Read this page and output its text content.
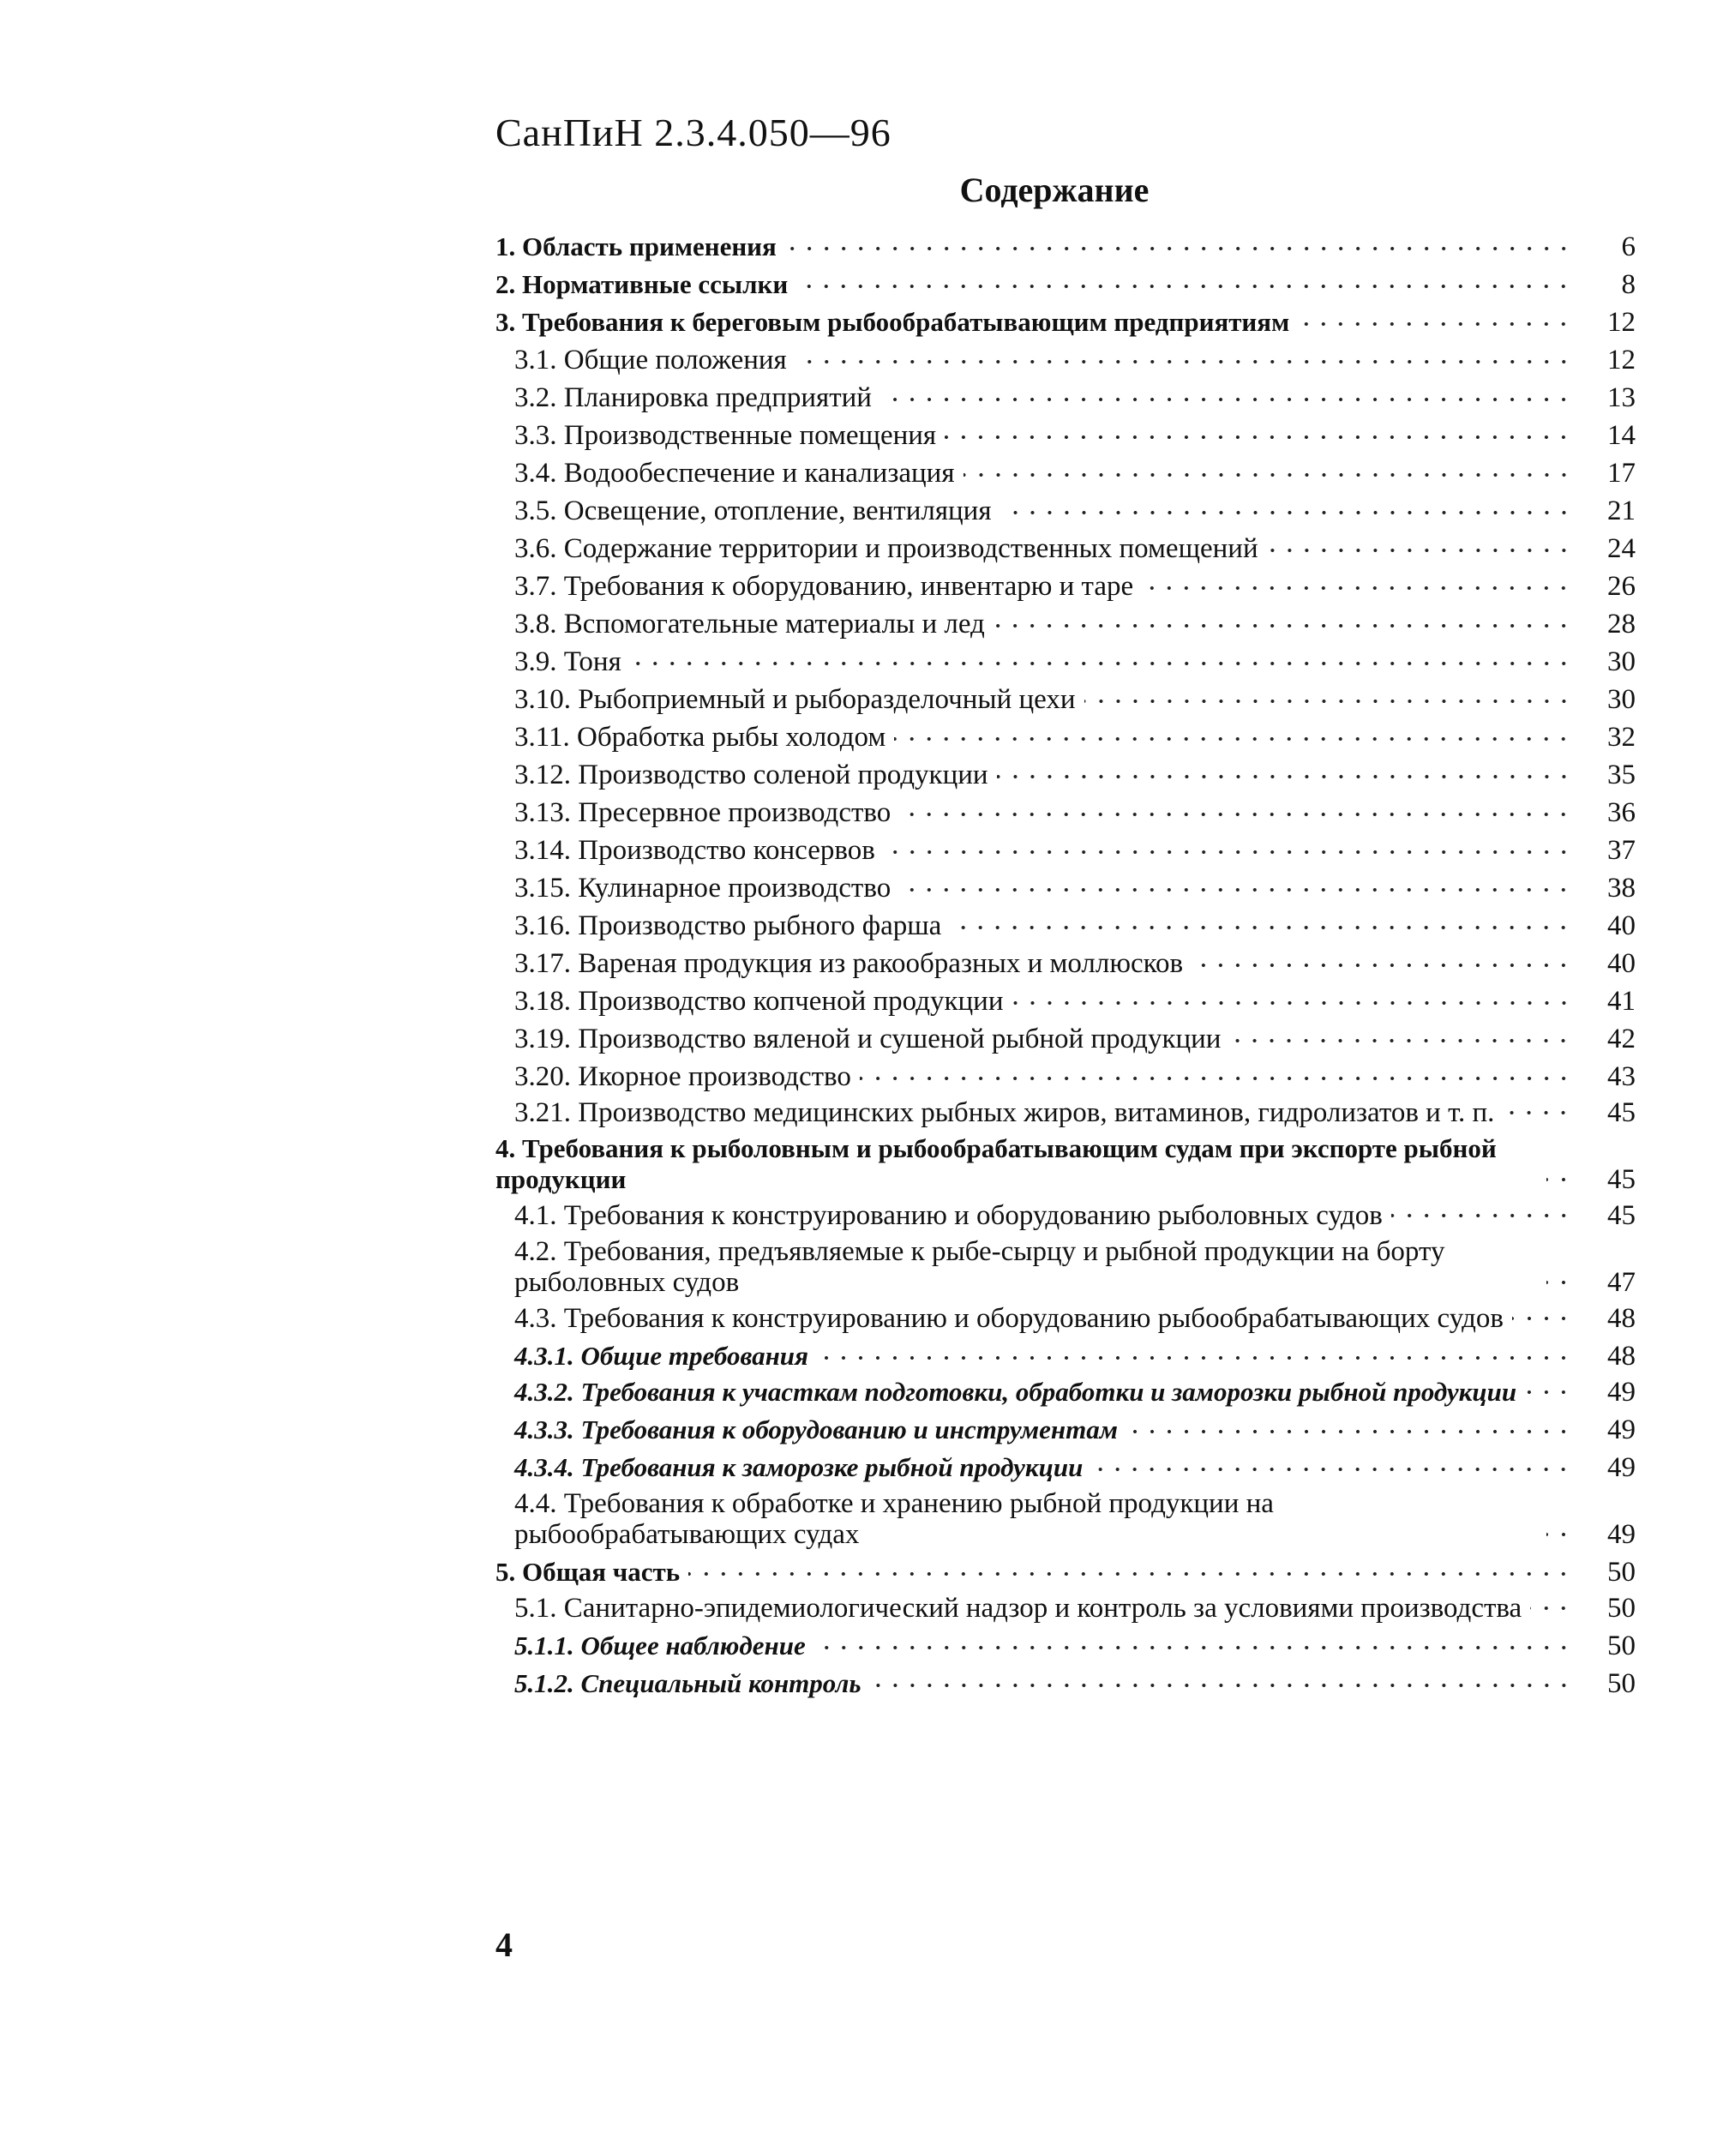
СанПиН 2.3.4.050—96
Содержание
1. Область применения	6
2. Нормативные ссылки	8
3. Требования к береговым рыбообрабатывающим предприятиям	12
3.1. Общие положения	12
3.2. Планировка предприятий	13
3.3. Производственные помещения	14
3.4. Водообеспечение и канализация	17
3.5. Освещение, отопление, вентиляция	21
3.6. Содержание территории и производственных помещений	24
3.7. Требования к оборудованию, инвентарю и таре	26
3.8. Вспомогательные материалы и лед	28
3.9. Тоня	30
3.10. Рыбоприемный и рыборазделочный цехи	30
3.11. Обработка рыбы холодом	32
3.12. Производство соленой продукции	35
3.13. Пресервное производство	36
3.14. Производство консервов	37
3.15. Кулинарное производство	38
3.16. Производство рыбного фарша	40
3.17. Вареная продукция из ракообразных и моллюсков	40
3.18. Производство копченой продукции	41
3.19. Производство вяленой и сушеной рыбной продукции	42
3.20. Икорное производство	43
3.21. Производство медицинских рыбных жиров, витаминов, гидролизатов и т. п.	45
4. Требования к рыболовным и рыбообрабатывающим судам при экспорте рыбной продукции	45
4.1. Требования к конструированию и оборудованию рыболовных судов	45
4.2. Требования, предъявляемые к рыбе-сырцу и рыбной продукции на борту рыболовных судов	47
4.3. Требования к конструированию и оборудованию рыбообрабатывающих судов	48
4.3.1. Общие требования	48
4.3.2. Требования к участкам подготовки, обработки и заморозки рыбной продукции	49
4.3.3. Требования к оборудованию и инструментам	49
4.3.4. Требования к заморозке рыбной продукции	49
4.4. Требования к обработке и хранению рыбной продукции на рыбообрабатывающих судах	49
5. Общая часть	50
5.1. Санитарно-эпидемиологический надзор и контроль за условиями производства	50
5.1.1. Общее наблюдение	50
5.1.2. Специальный контроль	50
4
